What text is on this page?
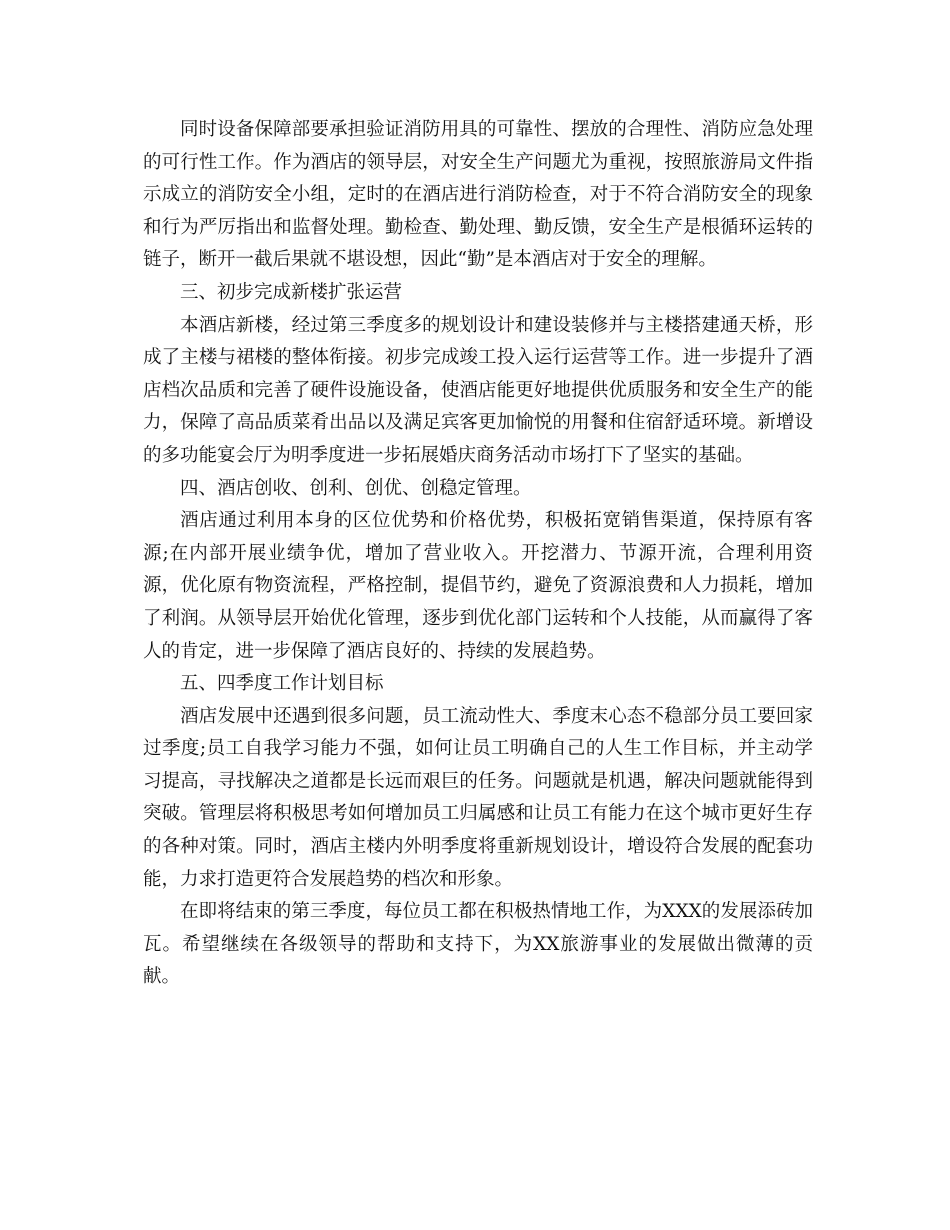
同时设备保障部要承担验证消防用具的可靠性、摆放的合理性、消防应急处理的可行性工作。作为酒店的领导层，对安全生产问题尤为重视，按照旅游局文件指示成立的消防安全小组，定时的在酒店进行消防检查，对于不符合消防安全的现象和行为严厉指出和监督处理。勤检查、勤处理、勤反馈，安全生产是根循环运转的链子，断开一截后果就不堪设想，因此“勤”是本酒店对于安全的理解。

三、初步完成新楼扩张运营

本酒店新楼，经过第三季度多的规划设计和建设装修并与主楼搭建通天桥，形成了主楼与裙楼的整体衔接。初步完成竣工投入运行运营等工作。进一步提升了酒店档次品质和完善了硬件设施设备，使酒店能更好地提供优质服务和安全生产的能力，保障了高品质菜肴出品以及满足宾客更加愉悦的用餐和住宿舒适环境。新增设的多功能宴会厅为明季度进一步拓展婚庆商务活动市场打下了坚实的基础。

四、酒店创收、创利、创优、创稳定管理。

酒店通过利用本身的区位优势和价格优势，积极拓宽销售渠道，保持原有客源;在内部开展业绩争优，增加了营业收入。开挖潜力、节源开流，合理利用资源，优化原有物资流程，严格控制，提倡节约，避免了资源浪费和人力损耗，增加了利润。从领导层开始优化管理，逐步到优化部门运转和个人技能，从而赢得了客人的肯定，进一步保障了酒店良好的、持续的发展趋势。

五、四季度工作计划目标

酒店发展中还遇到很多问题，员工流动性大、季度末心态不稳部分员工要回家过季度;员工自我学习能力不强，如何让员工明确自己的人生工作目标，并主动学习提高，寻找解决之道都是长远而艰巨的任务。问题就是机遇，解决问题就能得到突破。管理层将积极思考如何增加员工归属感和让员工有能力在这个城市更好生存的各种对策。同时，酒店主楼内外明季度将重新规划设计，增设符合发展的配套功能，力求打造更符合发展趋势的档次和形象。

在即将结束的第三季度，每位员工都在积极热情地工作，为XXX的发展添砖加瓦。希望继续在各级领导的帮助和支持下，为XX旅游事业的发展做出微薄的贡献。
